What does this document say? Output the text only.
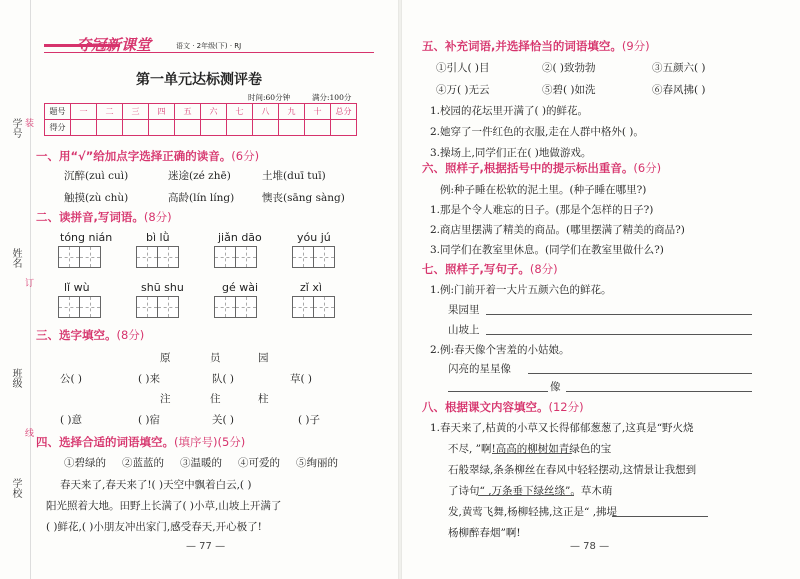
学号
姓名
班级
学校
装
订
线
夺冠新课堂	语文 · 2年级(下) · RJ
第一单元达标测评卷
时间:60分钟	满分:100分
题号	一	二	三	四	五	六	七	八	九	十	总分
得分											
一、用“√”给加点字选择正确的读音。(6分)
沉醉(zuì cuì)	迷途(zé zhē)	土堆(duī tuī)
触摸(zù chù)	高龄(lín líng)	懊丧(sāng sàng)
二、读拼音,写词语。(8分)
tóng nián	bì lǜ	jiǎn dāo	yóu jú
lǐ wù	shū shu	gé wài	zǐ xì
三、选字填空。(8分)
原	员	园
公( )	( )来	队( )	草( )
注	住	柱
( )意	( )宿	关( )	( )子
四、选择合适的词语填空。(填序号)(5分)
①碧绿的 ②蓝蓝的 ③温暖的 ④可爱的 ⑤绚丽的
春天来了,春天来了!( )天空中飘着白云,( )
阳光照着大地。田野上长满了( )小草,山坡上开满了
( )鲜花,( )小朋友冲出家门,感受春天,开心极了!
— 77 —
五、补充词语,并选择恰当的词语填空。(9分)
①引人( )目	②( )致勃勃	③五颜六( )
④万( )无云	⑤碧( )如洗	⑥春风拂( )
1.校园的花坛里开满了( )的鲜花。
2.她穿了一件红色的衣服,走在人群中格外( )。
3.操场上,同学们正在( )地做游戏。
六、照样子,根据括号中的提示标出重音。(6分)
例:种子睡在松软的泥土里。(种子睡在哪里?)
1.那是个令人难忘的日子。(那是个怎样的日子?)
2.商店里摆满了精美的商品。(哪里摆满了精美的商品?)
3.同学们在教室里休息。(同学们在教室里做什么?)
七、照样子,写句子。(8分)
1.例:门前开着一大片五颜六色的鲜花。
果园里
山坡上
2.例:春天像个害羞的小姑娘。
闪亮的星星像
像
八、根据课文内容填空。(12分)
1.春天来了,枯黄的小草又长得郁郁葱葱了,这真是“野火烧
不尽, ”啊!高高的柳树如青绿色的宝
石般翠绿,条条柳丝在春风中轻轻摆动,这情景让我想到
了诗句“ ,万条垂下绿丝绦”。草木萌
发,黄莺飞舞,杨柳轻拂,这正是“ ,拂堤
杨柳醉春烟”啊!
— 78 —
